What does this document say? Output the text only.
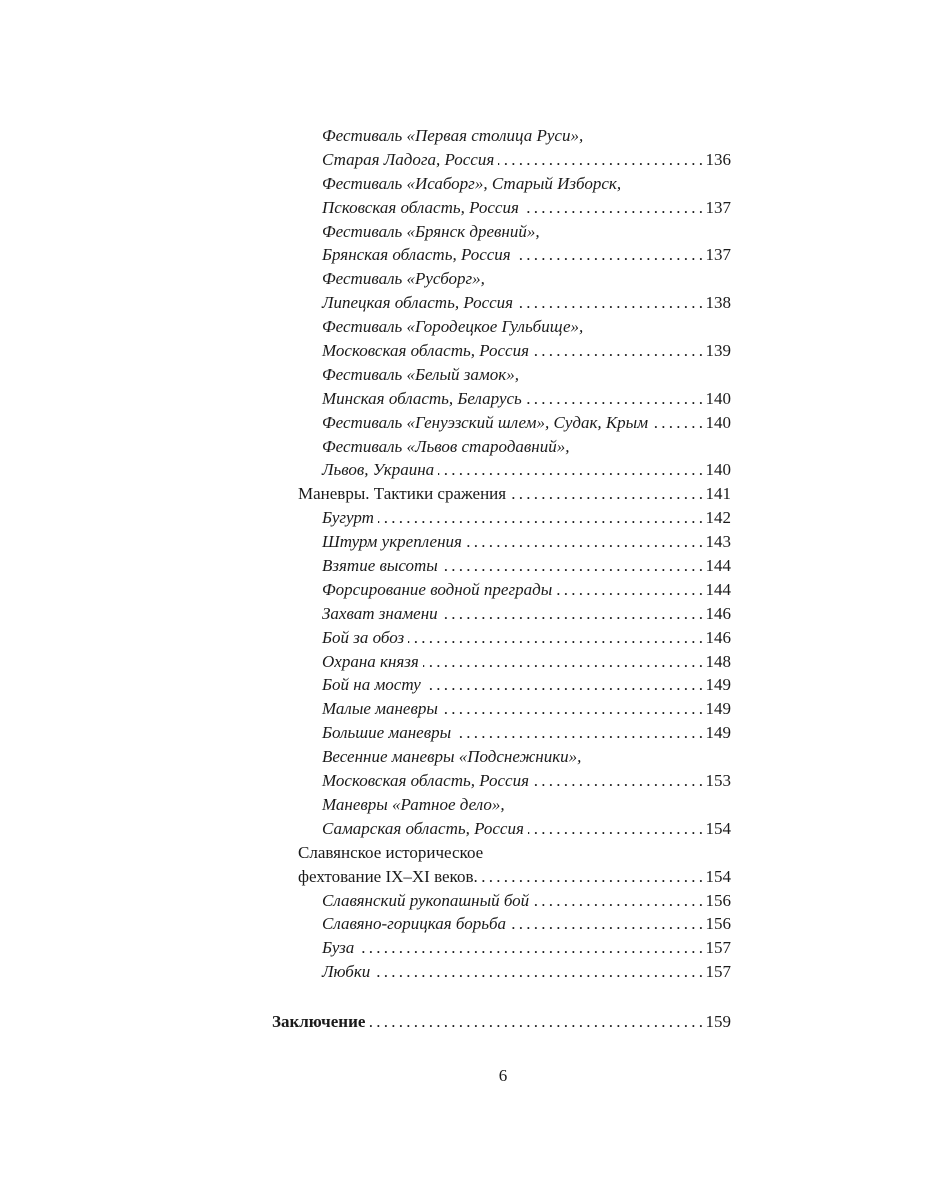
Фестиваль «Первая столица Руси»,
Старая Ладога, Россия . . .	136
Фестиваль «Исаборг», Старый Изборск,
Псковская область, Россия . . .	137
Фестиваль «Брянск древний»,
Брянская область, Россия . . .	137
Фестиваль «Русборг»,
Липецкая область, Россия . . .	138
Фестиваль «Городецкое Гульбище»,
Московская область, Россия . . .	139
Фестиваль «Белый замок»,
Минская область, Беларусь . . .	140
Фестиваль «Генуэзский шлем», Судак, Крым . . .	140
Фестиваль «Львов стародавний»,
Львов, Украина . . .	140
Маневры. Тактики сражения . . .	141
Бугурт . . .	142
Штурм укрепления . . .	143
Взятие высоты . . .	144
Форсирование водной преграды . . .	144
Захват знамени . . .	146
Бой за обоз . . .	146
Охрана князя . . .	148
Бой на мосту . . .	149
Малые маневры . . .	149
Большие маневры . . .	149
Весенние маневры «Подснежники»,
Московская область, Россия . . .	153
Маневры «Ратное дело»,
Самарская область, Россия . . .	154
Славянское историческое
фехтование IX–XI веков. . . .	154
Славянский рукопашный бой . . .	156
Славяно-горицкая борьба . . .	156
Буза . . .	157
Любки . . .	157
Заключение . . .	159
6
